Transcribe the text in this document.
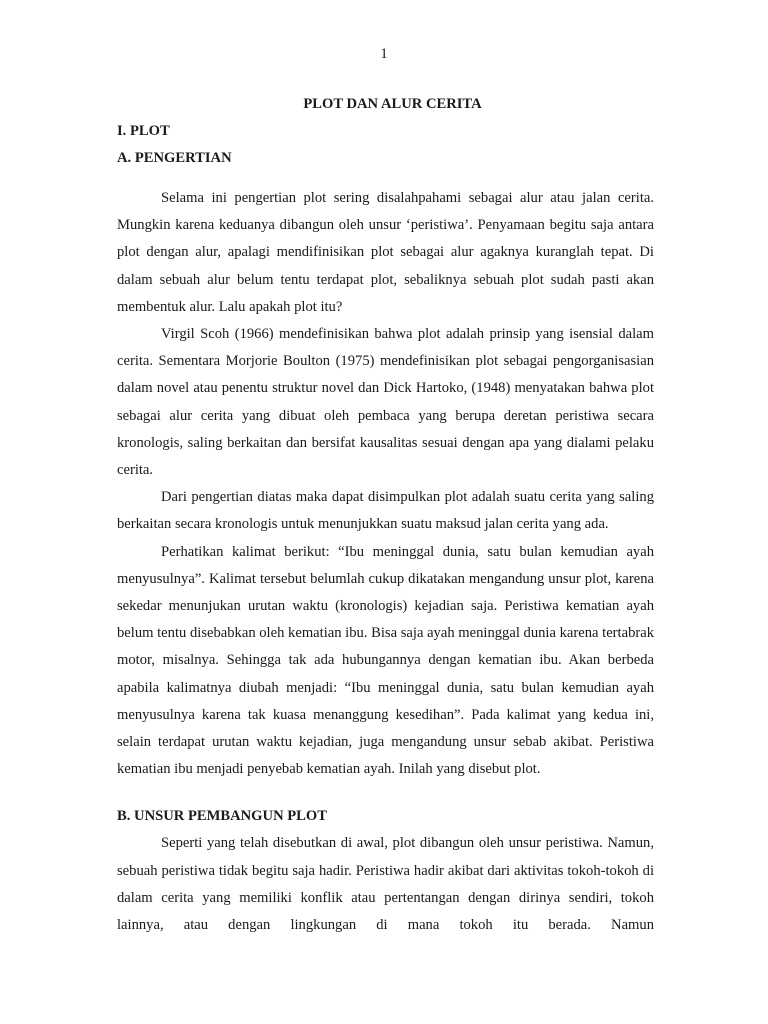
1
PLOT DAN ALUR CERITA
I. PLOT
A. PENGERTIAN

Selama ini pengertian plot sering disalahpahami sebagai alur atau jalan cerita. Mungkin karena keduanya dibangun oleh unsur ‘peristiwa’. Penyamaan begitu saja antara plot dengan alur, apalagi mendifinisikan plot sebagai alur agaknya kuranglah tepat. Di dalam sebuah alur belum tentu terdapat plot, sebaliknya sebuah plot sudah pasti akan membentuk alur. Lalu apakah plot itu?

Virgil Scoh (1966) mendefinisikan bahwa plot adalah prinsip yang isensial dalam cerita. Sementara Morjorie Boulton (1975) mendefinisikan plot sebagai pengorganisasian dalam novel atau penentu struktur novel dan Dick Hartoko, (1948) menyatakan bahwa plot sebagai alur cerita yang dibuat oleh pembaca yang berupa deretan peristiwa secara kronologis, saling berkaitan dan bersifat kausalitas sesuai dengan apa yang dialami pelaku cerita.

Dari pengertian diatas maka dapat disimpulkan plot adalah suatu cerita yang saling berkaitan secara kronologis untuk menunjukkan suatu maksud jalan cerita yang ada.

Perhatikan kalimat berikut: “Ibu meninggal dunia, satu bulan kemudian ayah menyusulnya”. Kalimat tersebut belumlah cukup dikatakan mengandung unsur plot, karena sekedar menunjukan urutan waktu (kronologis) kejadian saja. Peristiwa kematian ayah belum tentu disebabkan oleh kematian ibu. Bisa saja ayah meninggal dunia karena tertabrak motor, misalnya. Sehingga tak ada hubungannya dengan kematian ibu. Akan berbeda apabila kalimatnya diubah menjadi: “Ibu meninggal dunia, satu bulan kemudian ayah menyusulnya karena tak kuasa menanggung kesedihan”. Pada kalimat yang kedua ini, selain terdapat urutan waktu kejadian, juga mengandung unsur sebab akibat. Peristiwa kematian ibu menjadi penyebab kematian ayah. Inilah yang disebut plot.

B. UNSUR PEMBANGUN PLOT

Seperti yang telah disebutkan di awal, plot dibangun oleh unsur peristiwa. Namun, sebuah peristiwa tidak begitu saja hadir. Peristiwa hadir akibat dari aktivitas tokoh-tokoh di dalam cerita yang memiliki konflik atau pertentangan dengan dirinya sendiri, tokoh lainnya, atau dengan lingkungan di mana tokoh itu berada. Namun
